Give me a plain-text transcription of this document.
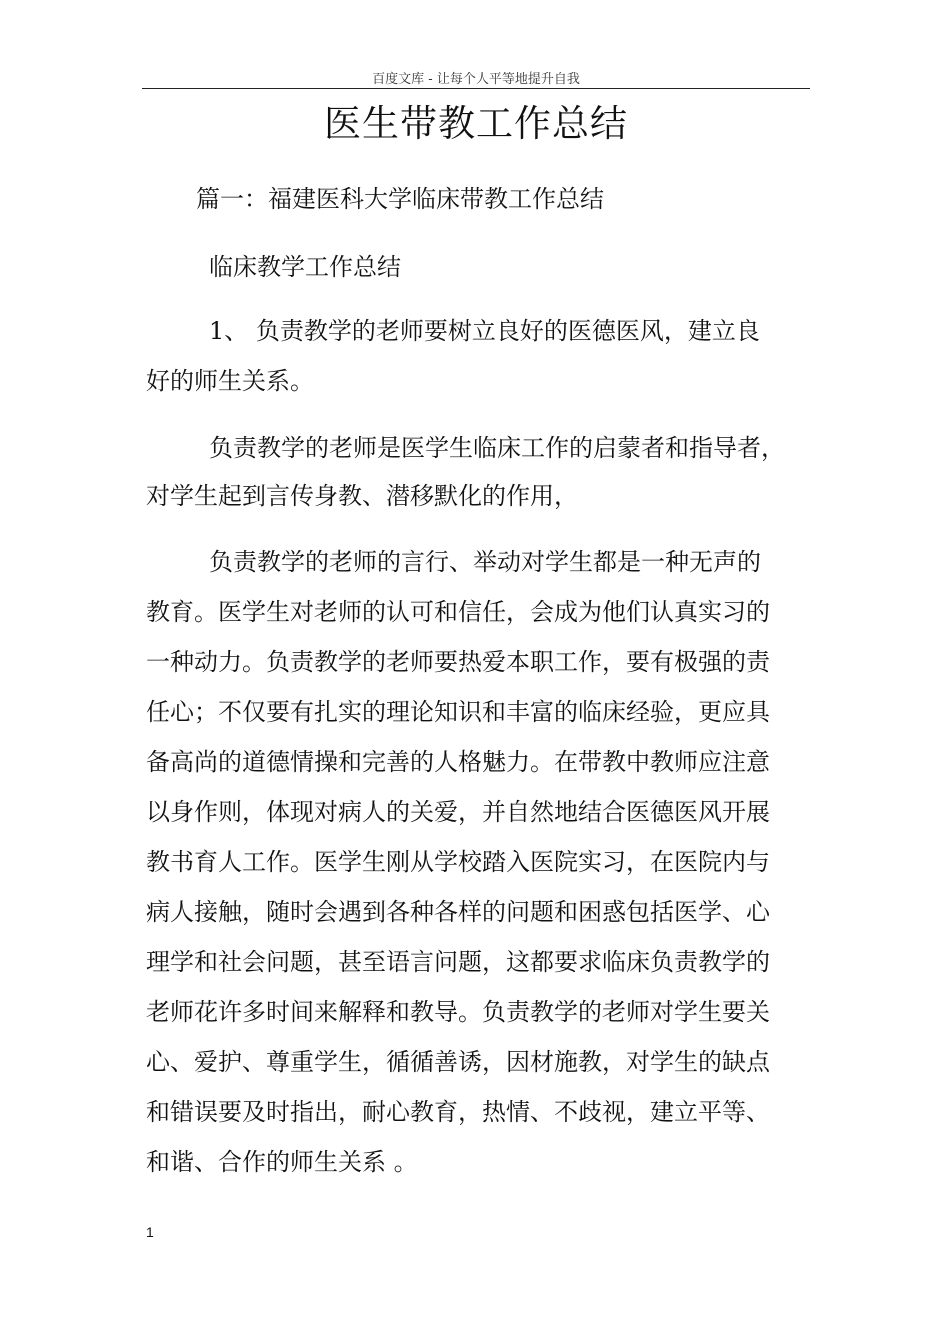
百度文库 - 让每个人平等地提升自我
医生带教工作总结
篇一：福建医科大学临床带教工作总结
临床教学工作总结
1、 负责教学的老师要树立良好的医德医风，建立良
好的师生关系。
负责教学的老师是医学生临床工作的启蒙者和指导者，
对学生起到言传身教、潜移默化的作用，
负责教学的老师的言行、举动对学生都是一种无声的
教育。医学生对老师的认可和信任，会成为他们认真实习的
一种动力。负责教学的老师要热爱本职工作，要有极强的责
任心；不仅要有扎实的理论知识和丰富的临床经验，更应具
备高尚的道德情操和完善的人格魅力。在带教中教师应注意
以身作则，体现对病人的关爱，并自然地结合医德医风开展
教书育人工作。医学生刚从学校踏入医院实习，在医院内与
病人接触，随时会遇到各种各样的问题和困惑包括医学、心
理学和社会问题，甚至语言问题，这都要求临床负责教学的
老师花许多时间来解释和教导。负责教学的老师对学生要关
心、爱护、尊重学生，循循善诱，因材施教，对学生的缺点
和错误要及时指出，耐心教育，热情、不歧视，建立平等、
和谐、合作的师生关系 。
1
